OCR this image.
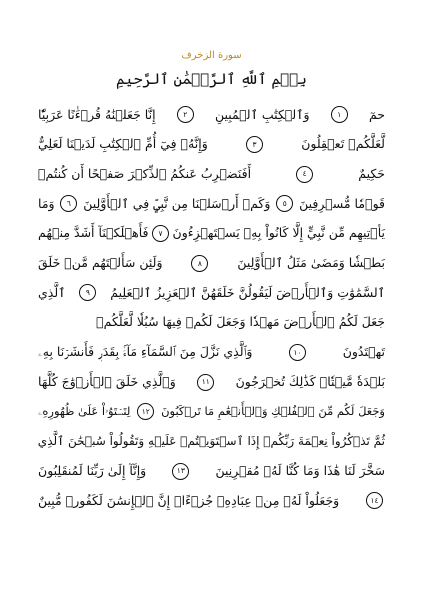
سورة الزخرف
بِسۡمِ ٱللَّهِ ٱلرَّحۡمَٰنِ ٱلرَّحِيمِ
حمٓ
١
وَٱلۡكِتَٰبِ ٱلۡمُبِينِ
٢
إِنَّا جَعَلۡنَٰهُ قُرۡءَٰنًا عَرَبِيّٗا
لَّعَلَّكُمۡ تَعۡقِلُونَ
٣
وَإِنَّهُۥ فِيٓ أُمِّ ٱلۡكِتَٰبِ لَدَيۡنَا لَعَلِيٌّ
حَكِيمٌ
٤
أَفَنَضۡرِبُ عَنكُمُ ٱلذِّكۡرَ صَفۡحًا أَن كُنتُمۡ
قَوۡمٗا مُّسۡرِفِينَ
٥
وَكَمۡ أَرۡسَلۡنَا مِن نَّبِيّٖ فِي ٱلۡأَوَّلِينَ
٦
وَمَا
يَأۡتِيهِم مِّن نَّبِيٍّ إِلَّا كَانُواْ بِهِۦ يَسۡتَهۡزِءُونَ
٧
فَأَهۡلَكۡنَآ أَشَدَّ مِنۡهُم
بَطۡشٗا وَمَضَىٰ مَثَلُ ٱلۡأَوَّلِينَ
٨
وَلَئِن سَأَلۡتَهُم مَّنۡ خَلَقَ
ٱلسَّمَٰوَٰتِ وَٱلۡأَرۡضَ لَيَقُولُنَّ خَلَقَهُنَّ ٱلۡعَزِيزُ ٱلۡعَلِيمُ
٩
ٱلَّذِي
جَعَلَ لَكُمُ ٱلۡأَرۡضَ مَهۡدٗا وَجَعَلَ لَكُمۡ فِيهَا سُبُلٗا لَّعَلَّكُمۡ
تَهۡتَدُونَ
١٠
وَٱلَّذِي نَزَّلَ مِنَ ٱلسَّمَآءِ مَآءَۢ بِقَدَرٖ فَأَنشَرۡنَا بِهِۦ
بَلۡدَةٗ مَّيۡتٗاۚ كَذَٰلِكَ تُخۡرَجُونَ
١١
وَٱلَّذِي خَلَقَ ٱلۡأَزۡوَٰجَ كُلَّهَا
وَجَعَلَ لَكُم مِّنَ ٱلۡفُلۡكِ وَٱلۡأَنۡعَٰمِ مَا تَرۡكَبُونَ
١٢
لِتَسۡتَوُۥاْ عَلَىٰ ظُهُورِهِۦ
ثُمَّ تَذۡكُرُواْ نِعۡمَةَ رَبِّكُمۡ إِذَا ٱسۡتَوَيۡتُمۡ عَلَيۡهِ وَتَقُولُواْ سُبۡحَٰنَ ٱلَّذِي
سَخَّرَ لَنَا هَٰذَا وَمَا كُنَّا لَهُۥ مُقۡرِنِينَ
١٣
وَإِنَّآ إِلَىٰ رَبِّنَا لَمُنقَلِبُونَ
١٤
وَجَعَلُواْ لَهُۥ مِنۡ عِبَادِهِۦ جُزۡءًاۚ إِنَّ ٱلۡإِنسَٰنَ لَكَفُورٞ مُّبِينٌ
